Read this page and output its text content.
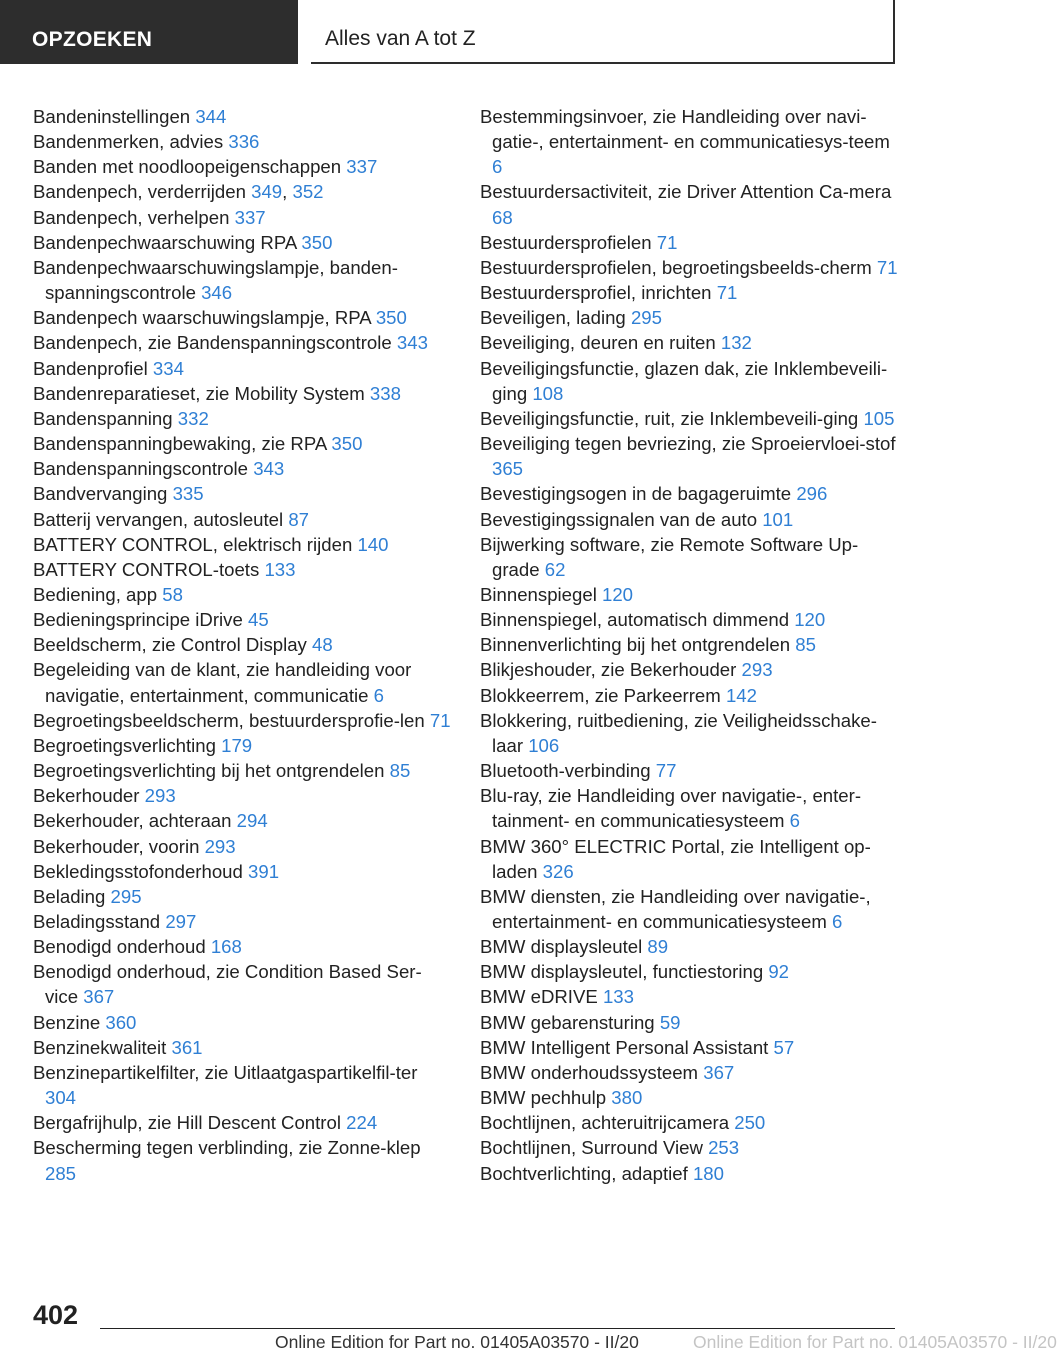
OPZOEKEN	Alles van A tot Z
Bandeninstellingen 344
Bandenmerken, advies 336
Banden met noodloopeigenschappen 337
Bandenpech, verderrijden 349, 352
Bandenpech, verhelpen 337
Bandenpechwaarschuwing RPA 350
Bandenpechwaarschuwingslampje, banden-spanningscontrole 346
Bandenpech waarschuwingslampje, RPA 350
Bandenpech, zie Bandenspanningscontrole 343
Bandenprofiel 334
Bandenreparatieset, zie Mobility System 338
Bandenspanning 332
Bandenspanningbewaking, zie RPA 350
Bandenspanningscontrole 343
Bandvervanging 335
Batterij vervangen, autosleutel 87
BATTERY CONTROL, elektrisch rijden 140
BATTERY CONTROL-toets 133
Bediening, app 58
Bedieningsprincipe iDrive 45
Beeldscherm, zie Control Display 48
Begeleiding van de klant, zie handleiding voor navigatie, entertainment, communicatie 6
Begroetingsbeeldscherm, bestuurdersprofie-len 71
Begroetingsverlichting 179
Begroetingsverlichting bij het ontgrendelen 85
Bekerhouder 293
Bekerhouder, achteraan 294
Bekerhouder, voorin 293
Bekledingsstofonderhoud 391
Belading 295
Beladingsstand 297
Benodigd onderhoud 168
Benodigd onderhoud, zie Condition Based Ser-vice 367
Benzine 360
Benzinekwaliteit 361
Benzinepartikelfilter, zie Uitlaatgaspartikelfil-ter 304
Bergafrijhulp, zie Hill Descent Control 224
Bescherming tegen verblinding, zie Zonne-klep 285
Bestemmingsinvoer, zie Handleiding over navi-gatie-, entertainment- en communicatiesys-teem 6
Bestuurdersactiviteit, zie Driver Attention Ca-mera 68
Bestuurdersprofielen 71
Bestuurdersprofielen, begroetingsbeelds-cherm 71
Bestuurdersprofiel, inrichten 71
Beveiligen, lading 295
Beveiliging, deuren en ruiten 132
Beveiligingsfunctie, glazen dak, zie Inklembeveili-ging 108
Beveiligingsfunctie, ruit, zie Inklembeveili-ging 105
Beveiliging tegen bevriezing, zie Sproeiervloei-stof 365
Bevestigingsogen in de bagageruimte 296
Bevestigingssignalen van de auto 101
Bijwerking software, zie Remote Software Up-grade 62
Binnenspiegel 120
Binnenspiegel, automatisch dimmend 120
Binnenverlichting bij het ontgrendelen 85
Blikjeshouder, zie Bekerhouder 293
Blokkeerrem, zie Parkeerrem 142
Blokkering, ruitbediening, zie Veiligheidsschake-laar 106
Bluetooth-verbinding 77
Blu-ray, zie Handleiding over navigatie-, enter-tainment- en communicatiesysteem 6
BMW 360° ELECTRIC Portal, zie Intelligent op-laden 326
BMW diensten, zie Handleiding over navigatie-, entertainment- en communicatiesysteem 6
BMW displaysleutel 89
BMW displaysleutel, functiestoring 92
BMW eDRIVE 133
BMW gebarensturing 59
BMW Intelligent Personal Assistant 57
BMW onderhoudssysteem 367
BMW pechhulp 380
Bochtlijnen, achteruitrijcamera 250
Bochtlijnen, Surround View 253
Bochtverlichting, adaptief 180
402
Online Edition for Part no. 01405A03570 - II/20	Online Edition for Part no. 01405A03570 - II/20
